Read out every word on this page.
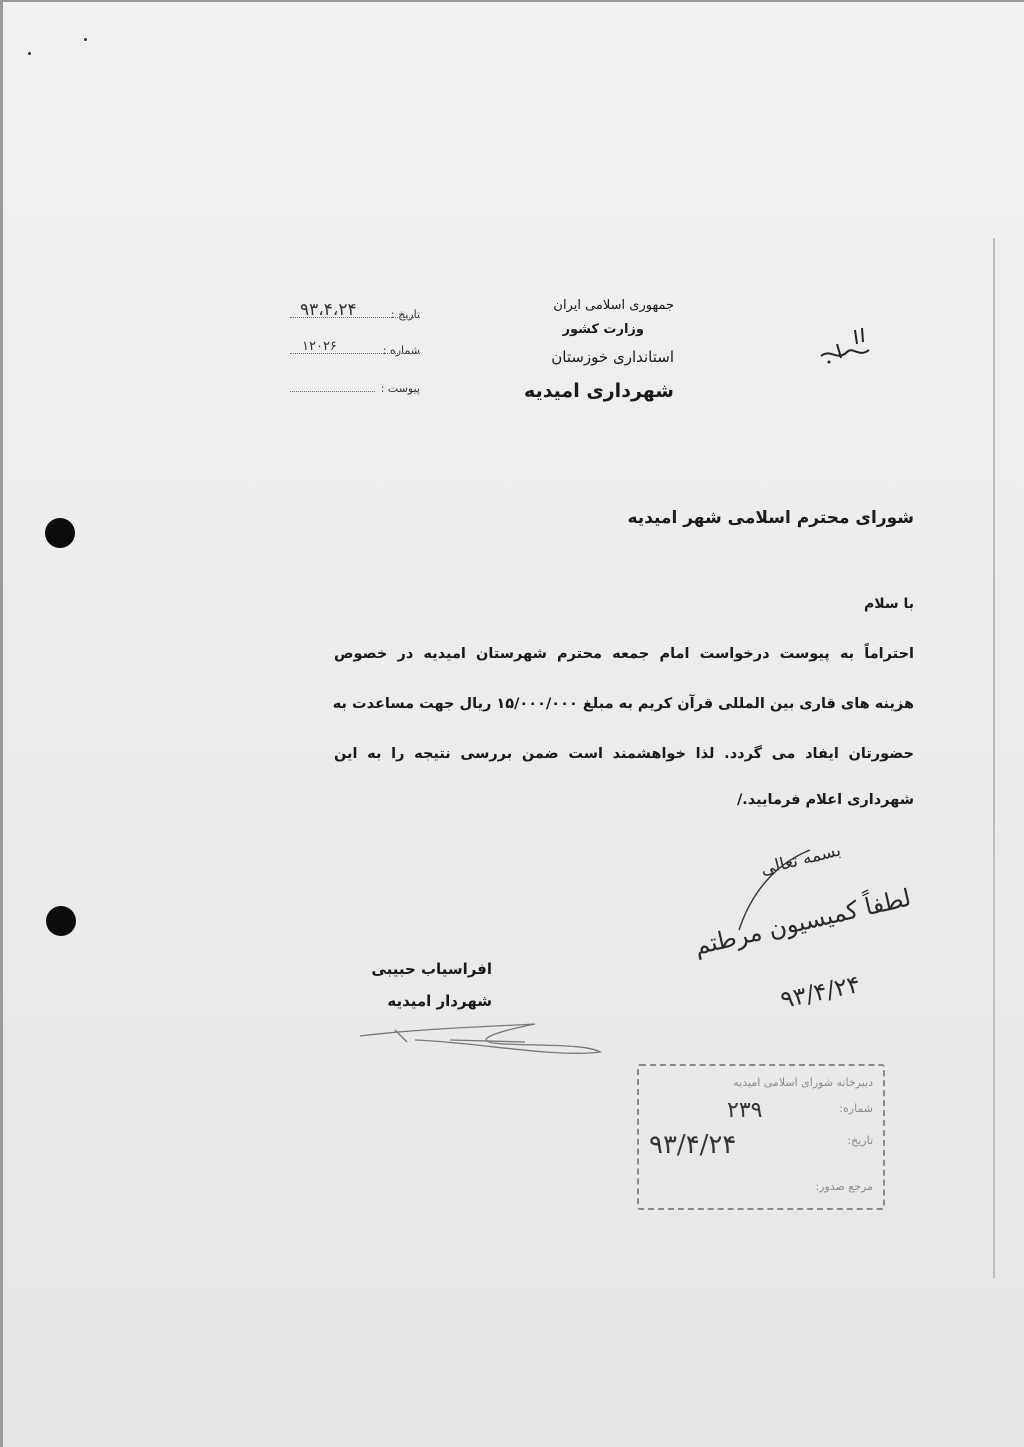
جمهوری اسلامی ایران
وزارت کشور
استانداری خوزستان
شهرداری امیدیه
تاریخ :
۹۳،۴،۲۴
شماره :
۱۲۰۲۶
پیوست :
شورای محترم اسلامی شهر امیدیه
با سلام
احتراماً به پیوست درخواست امام جمعه محترم شهرستان امیدیه در خصوص
هزینه های قاری بین المللی قرآن کریم به مبلغ ۱۵/۰۰۰/۰۰۰ ریال جهت مساعدت به
حضورتان ایفاد می گردد. لذا خواهشمند است ضمن بررسی نتیجه را به این
شهرداری اعلام فرمایید./
بسمه تعالی
لطفاً کمیسیون مرطتم
۹۳/۴/۲۴
افراسیاب حبیبی
شهردار امیدیه
دبیرخانه شورای اسلامی امیدیه
شماره:
تاریخ:
مرجع صدور:
۲۳۹
۹۳/۴/۲۴
